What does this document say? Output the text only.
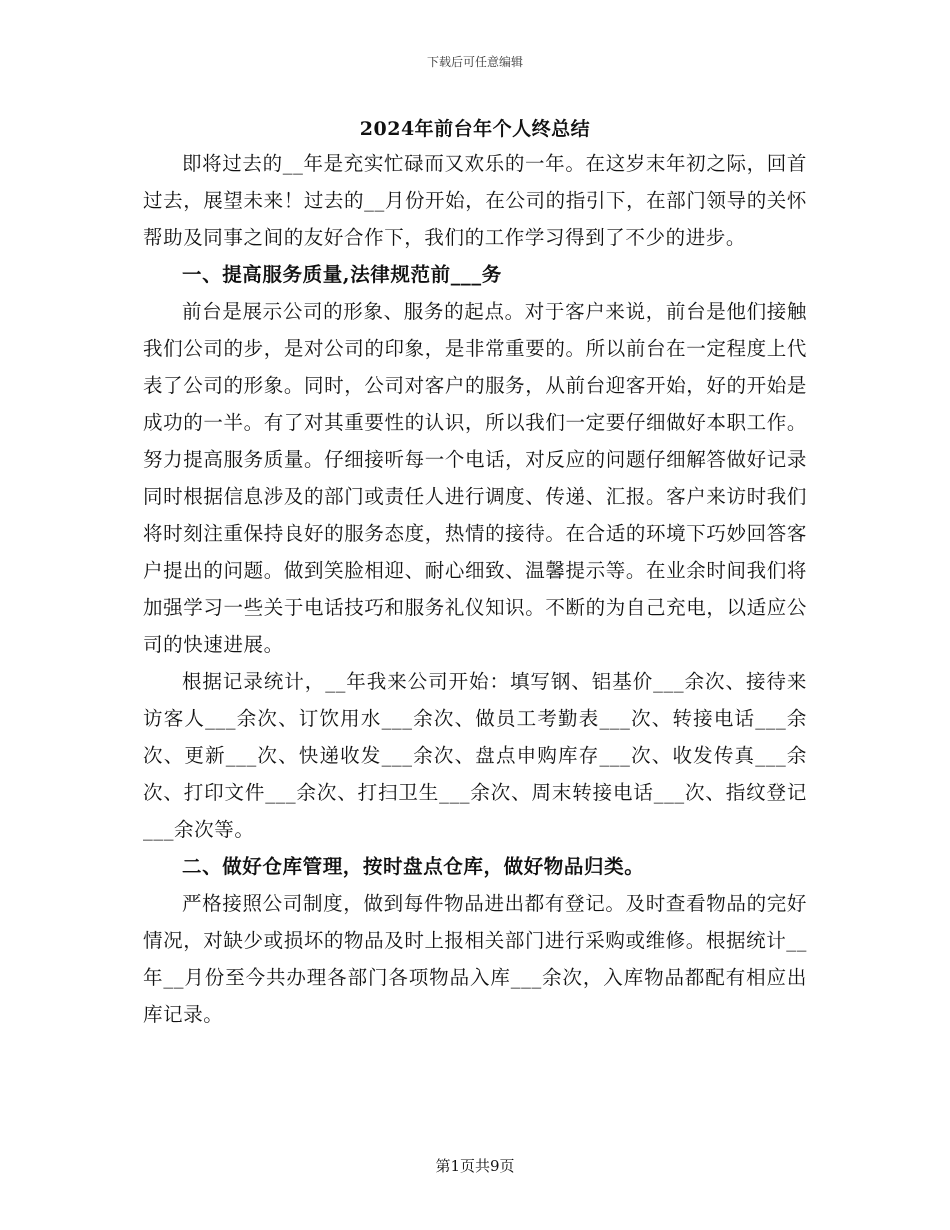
下载后可任意编辑
2024年前台年个人终总结

即将过去的__年是充实忙碌而又欢乐的一年。在这岁末年初之际，回首过去，展望未来！过去的__月份开始，在公司的指引下，在部门领导的关怀帮助及同事之间的友好合作下，我们的工作学习得到了不少的进步。

一、提高服务质量,法律规范前___务

前台是展示公司的形象、服务的起点。对于客户来说，前台是他们接触我们公司的步，是对公司的印象，是非常重要的。所以前台在一定程度上代表了公司的形象。同时，公司对客户的服务，从前台迎客开始，好的开始是成功的一半。有了对其重要性的认识，所以我们一定要仔细做好本职工作。努力提高服务质量。仔细接听每一个电话，对反应的问题仔细解答做好记录同时根据信息涉及的部门或责任人进行调度、传递、汇报。客户来访时我们将时刻注重保持良好的服务态度，热情的接待。在合适的环境下巧妙回答客户提出的问题。做到笑脸相迎、耐心细致、温馨提示等。在业余时间我们将加强学习一些关于电话技巧和服务礼仪知识。不断的为自己充电，以适应公司的快速进展。

根据记录统计，__年我来公司开始：填写钢、铝基价___余次、接待来访客人___余次、订饮用水___余次、做员工考勤表___次、转接电话___余次、更新___次、快递收发___余次、盘点申购库存___次、收发传真___余次、打印文件___余次、打扫卫生___余次、周末转接电话___次、指纹登记___余次等。

二、做好仓库管理，按时盘点仓库，做好物品归类。

严格接照公司制度，做到每件物品进出都有登记。及时查看物品的完好情况，对缺少或损坏的物品及时上报相关部门进行采购或维修。根据统计__年__月份至今共办理各部门各项物品入库___余次，入库物品都配有相应出库记录。

第1页共9页
